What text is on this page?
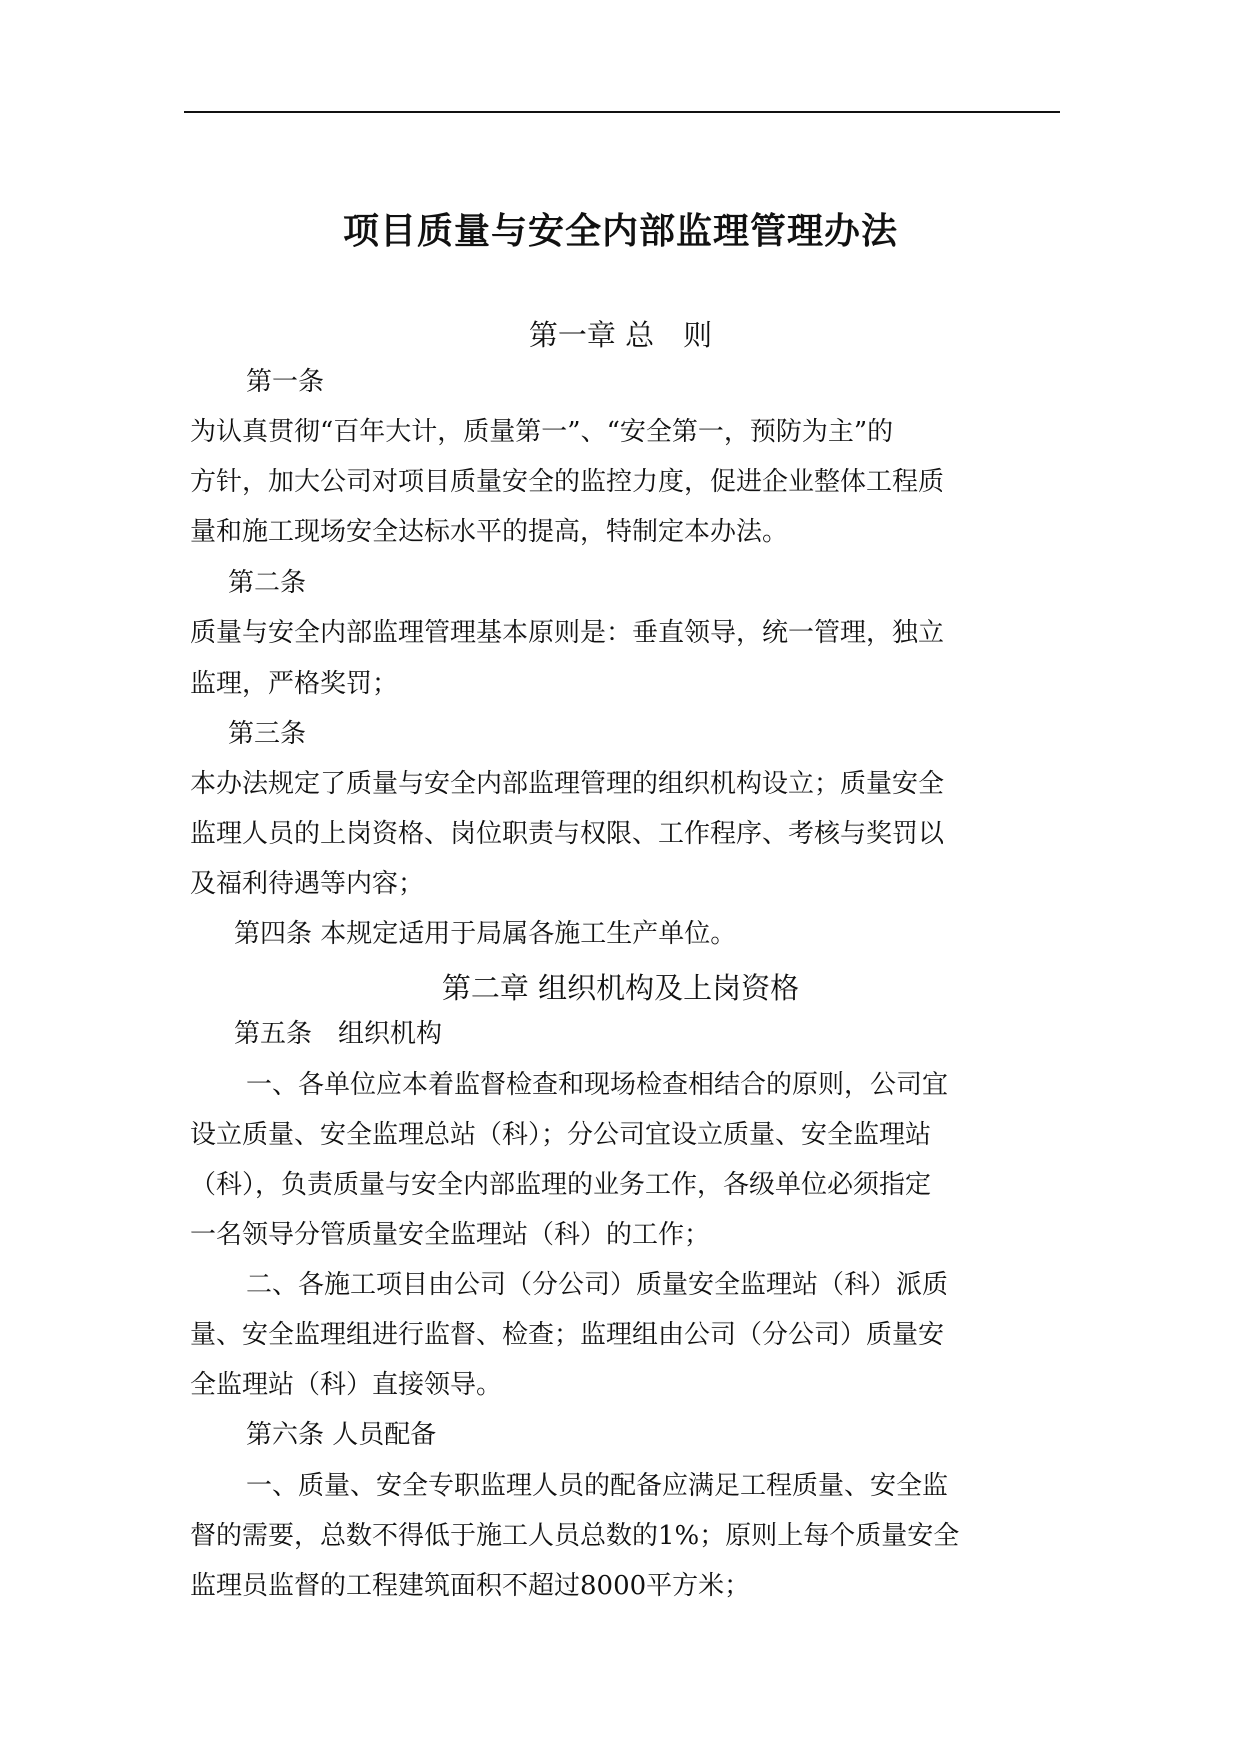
项目质量与安全内部监理管理办法
第一章 总　则
第一条
为认真贯彻“百年大计，质量第一”、“安全第一，预防为主”的
方针，加大公司对项目质量安全的监控力度，促进企业整体工程质
量和施工现场安全达标水平的提高，特制定本办法。
第二条
质量与安全内部监理管理基本原则是：垂直领导，统一管理，独立
监理，严格奖罚；
第三条
本办法规定了质量与安全内部监理管理的组织机构设立；质量安全
监理人员的上岗资格、岗位职责与权限、工作程序、考核与奖罚以
及福利待遇等内容；
第四条 本规定适用于局属各施工生产单位。
第二章 组织机构及上岗资格
第五条　组织机构
一、各单位应本着监督检查和现场检查相结合的原则，公司宜
设立质量、安全监理总站（科）；分公司宜设立质量、安全监理站
（科），负责质量与安全内部监理的业务工作，各级单位必须指定
一名领导分管质量安全监理站（科）的工作；
二、各施工项目由公司（分公司）质量安全监理站（科）派质
量、安全监理组进行监督、检查；监理组由公司（分公司）质量安
全监理站（科）直接领导。
第六条 人员配备
一、质量、安全专职监理人员的配备应满足工程质量、安全监
督的需要，总数不得低于施工人员总数的1%；原则上每个质量安全
监理员监督的工程建筑面积不超过8000平方米；
